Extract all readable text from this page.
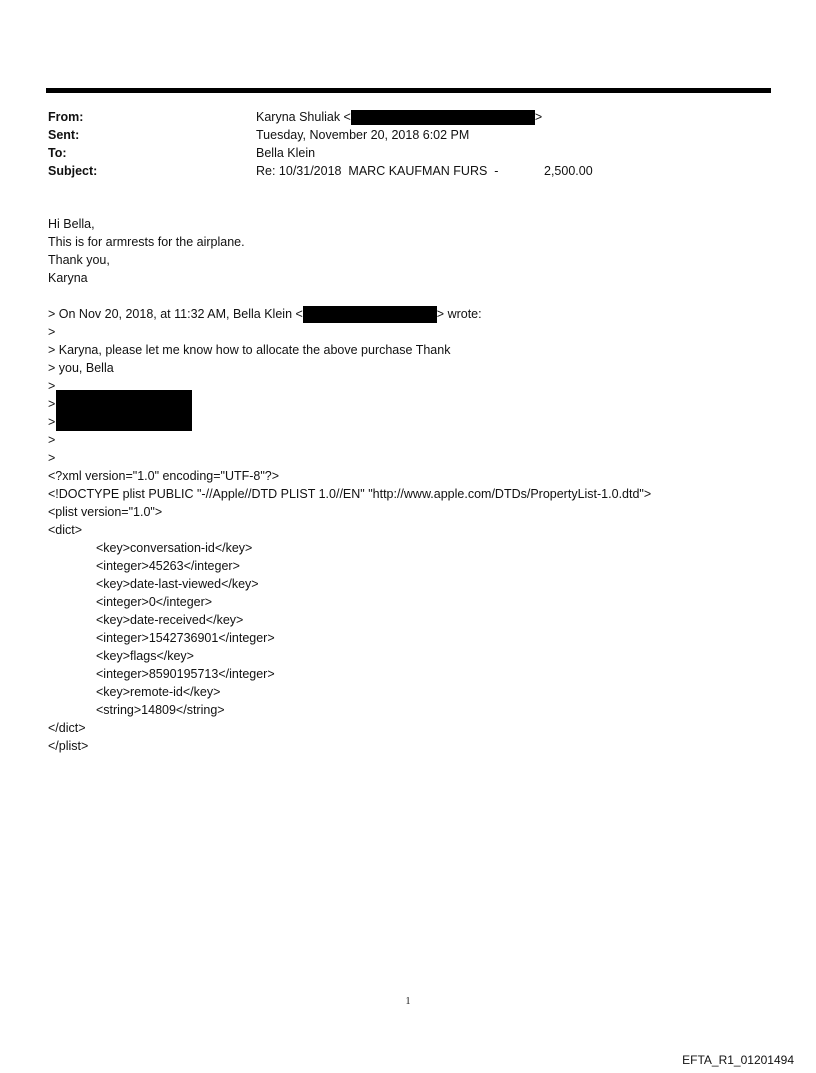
From:	Karyna Shuliak <	>
Sent:	Tuesday, November 20, 2018 6:02 PM
To:	Bella Klein
Subject:	Re: 10/31/2018  MARC KAUFMAN FURS  -	2,500.00
Hi Bella,
This is for armrests for the airplane.
Thank you,
Karyna
> On Nov 20, 2018, at 11:32 AM, Bella Klein <	> wrote:
>
> Karyna, please let me know how to allocate the above purchase Thank
> you, Bella
>
>
>
>
>
<?xml version="1.0" encoding="UTF-8"?>
<!DOCTYPE plist PUBLIC "-//Apple//DTD PLIST 1.0//EN" "http://www.apple.com/DTDs/PropertyList-1.0.dtd">
<plist version="1.0">
<dict>
<key>conversation-id</key>
<integer>45263</integer>
<key>date-last-viewed</key>
<integer>0</integer>
<key>date-received</key>
<integer>1542736901</integer>
<key>flags</key>
<integer>8590195713</integer>
<key>remote-id</key>
<string>14809</string>
</dict>
</plist>
1
EFTA_R1_01201494
